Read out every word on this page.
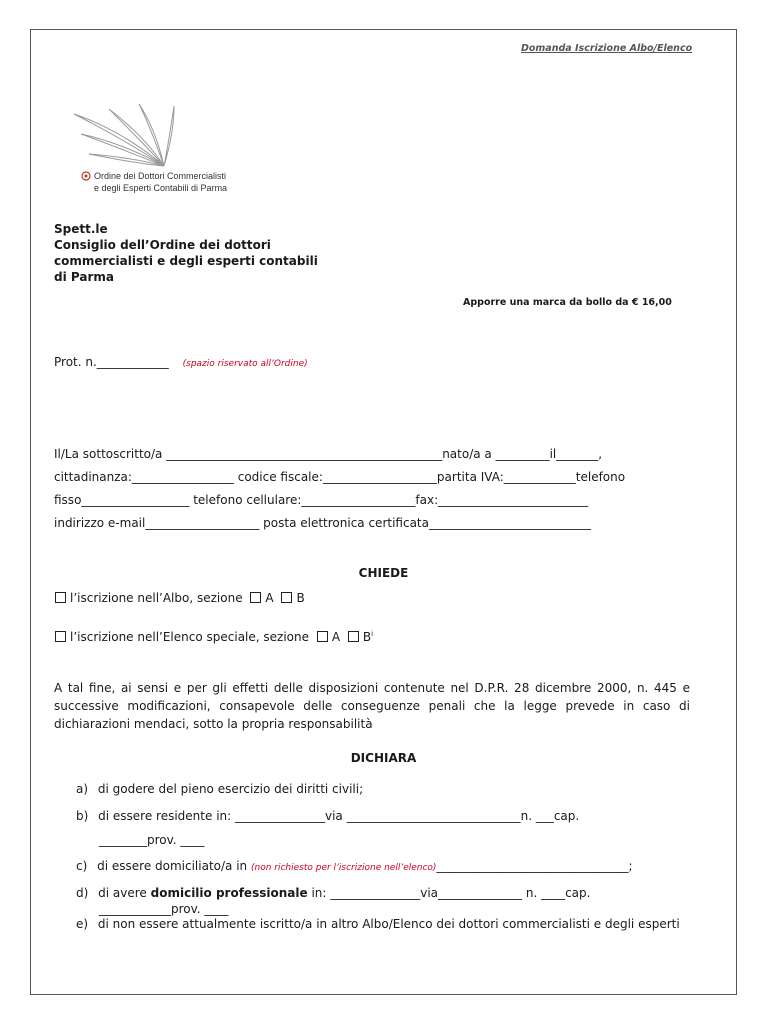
Domanda Iscrizione Albo/Elenco
Ordine dei Dottori Commercialisti
e degli Esperti Contabili di Parma
Spett.le
Consiglio dell’Ordine dei dottori
commercialisti e degli esperti contabili
di Parma
Apporre una marca da bollo da € 16,00
Prot. n.____________ (spazio riservato all’Ordine)
Il/La sottoscritto/a ______________________________________________nato/a a _________il_______,
cittadinanza:_________________ codice fiscale:___________________partita IVA:____________telefono
fisso__________________ telefono cellulare:___________________fax:_________________________
indirizzo e-mail___________________ posta elettronica certificata___________________________
CHIEDE
l’iscrizione nell’Albo, sezione A B
l’iscrizione nell’Elenco speciale, sezione A $B^i$
A tal fine, ai sensi e per gli effetti delle disposizioni contenute nel D.P.R. 28 dicembre 2000, n. 445 e successive modificazioni, consapevole delle conseguenze penali che la legge prevede in caso di dichiarazioni mendaci, sotto la propria responsabilità
DICHIARA
a) di godere del pieno esercizio dei diritti civili;
b) di essere residente in: _______________via _____________________________n. ___cap.
________prov. ____
c) di essere domiciliato/a in (non richiesto per l’iscrizione nell’elenco)________________________________;
d) di avere domicilio professionale in: _______________via______________ n. ____cap.
____________prov. ____
e) di non essere attualmente iscritto/a in altro Albo/Elenco dei dottori commercialisti e degli esperti
